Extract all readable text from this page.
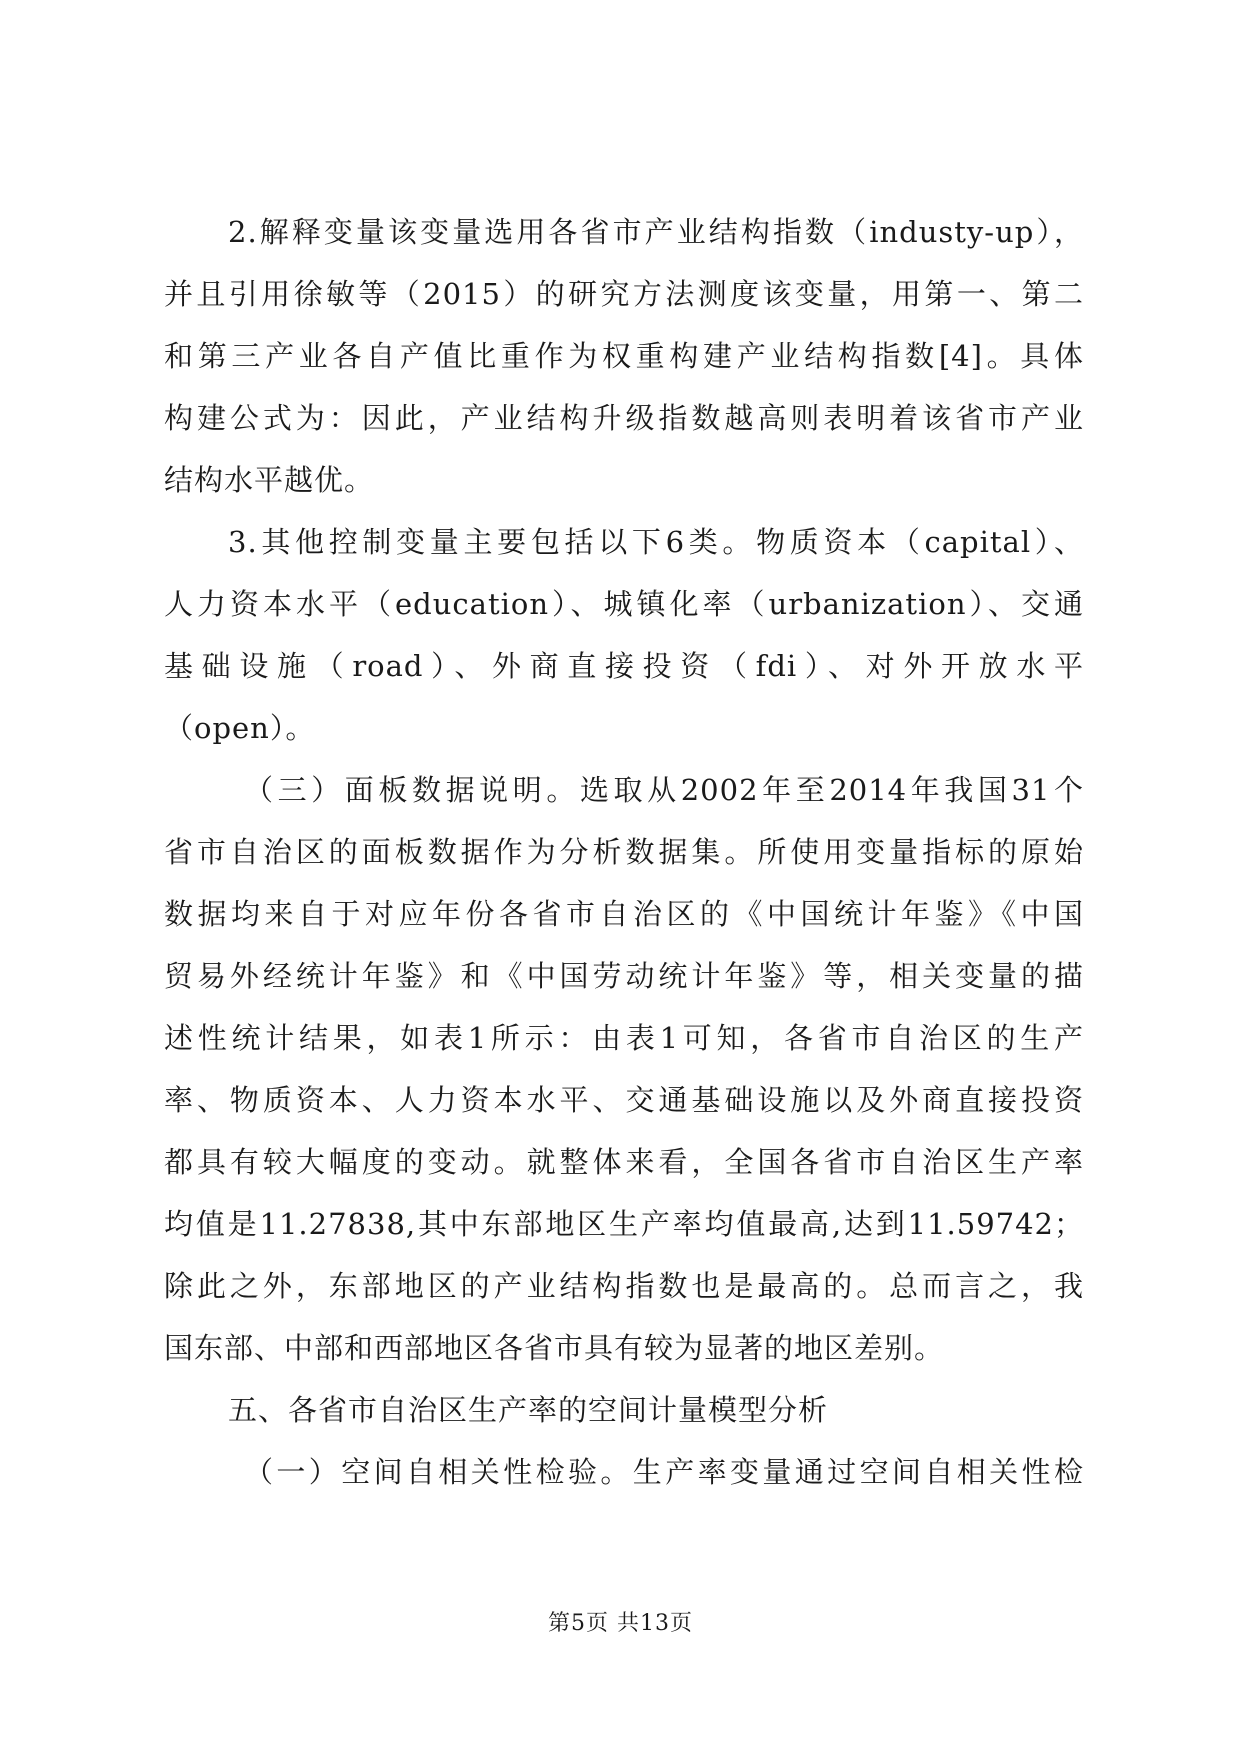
2.解释变量该变量选用各省市产业结构指数（industy-up），
并且引用徐敏等（2015）的研究方法测度该变量，用第一、第二
和第三产业各自产值比重作为权重构建产业结构指数[4]。具体
构建公式为：因此，产业结构升级指数越高则表明着该省市产业
结构水平越优。
3.其他控制变量主要包括以下6类。物质资本（capital）、
人力资本水平（education）、城镇化率（urbanization）、交通
基础设施（road）、外商直接投资（fdi）、对外开放水平
（open）。
（三）面板数据说明。选取从2002年至2014年我国31个
省市自治区的面板数据作为分析数据集。所使用变量指标的原始
数据均来自于对应年份各省市自治区的《中国统计年鉴》《中国
贸易外经统计年鉴》和《中国劳动统计年鉴》等，相关变量的描
述性统计结果，如表1所示：由表1可知，各省市自治区的生产
率、物质资本、人力资本水平、交通基础设施以及外商直接投资
都具有较大幅度的变动。就整体来看，全国各省市自治区生产率
均值是11.27838,其中东部地区生产率均值最高,达到11.59742；
除此之外，东部地区的产业结构指数也是最高的。总而言之，我
国东部、中部和西部地区各省市具有较为显著的地区差别。
五、各省市自治区生产率的空间计量模型分析
（一）空间自相关性检验。生产率变量通过空间自相关性检
第5页 共13页
